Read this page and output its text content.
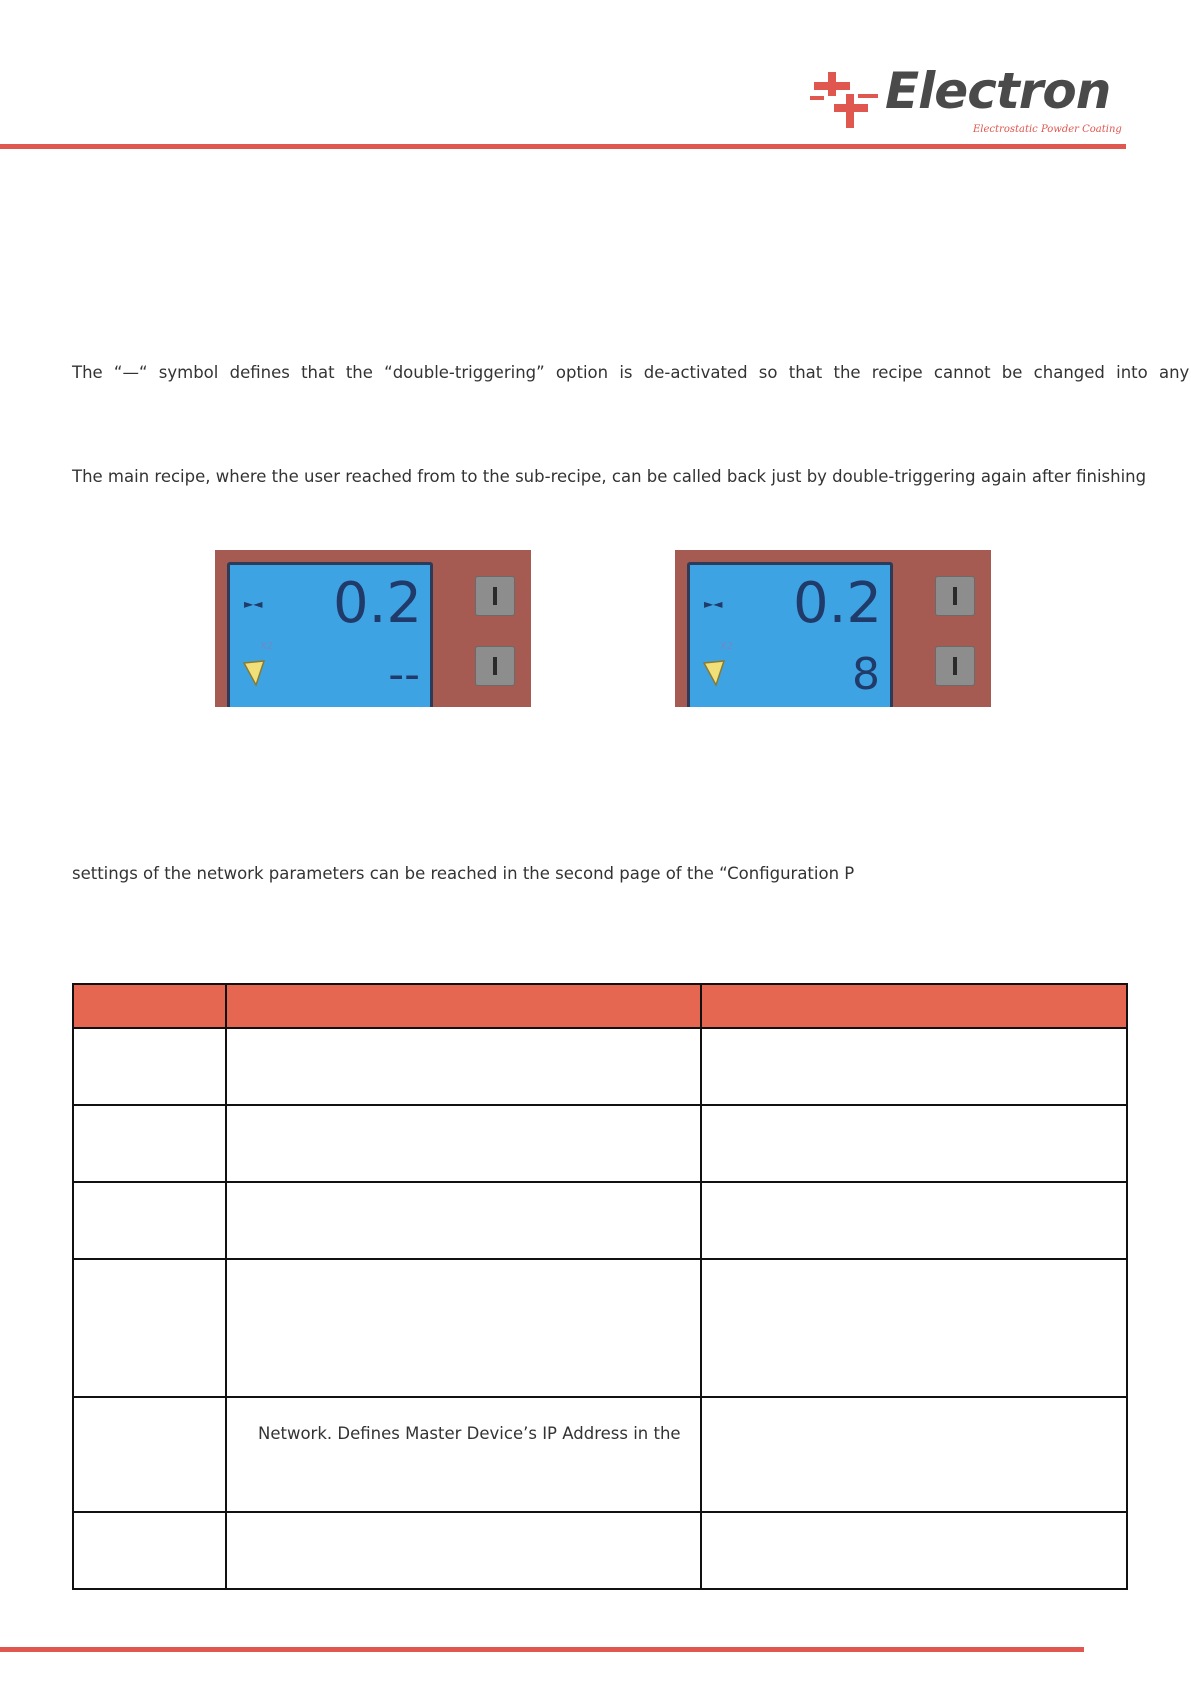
Electron
Electrostatic Powder Coating
The “—“ symbol defines that the “double-triggering” option is de-activated so that the recipe cannot be changed into any
The main recipe, where the user reached from to the sub-recipe, can be called back just by double-triggering again after finishing
►◄ 0.2
X2
--
►◄ 0.2
X2
8
settings of the network parameters can be reached in the second page of the “Configuration P

	Network. Defines Master Device’s IP Address in the	
